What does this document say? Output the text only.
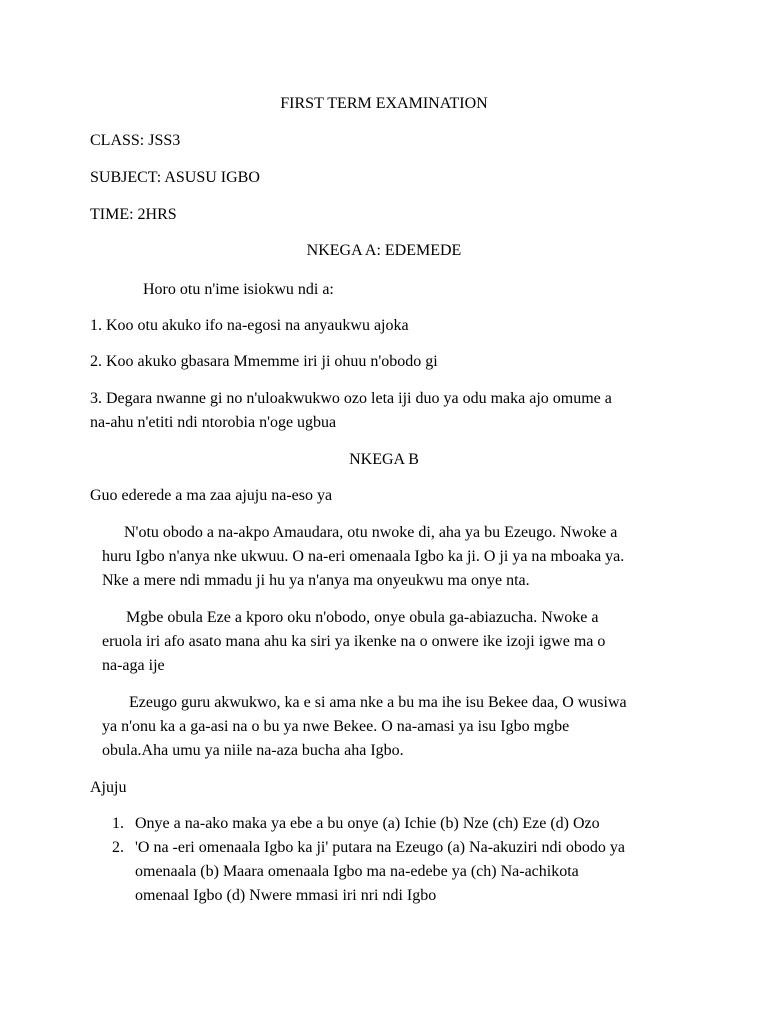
FIRST TERM EXAMINATION
CLASS: JSS3
SUBJECT: ASUSU IGBO
TIME: 2HRS
NKEGA A: EDEMEDE
Horo otu n'ime isiokwu ndi a:
1. Koo otu akuko ifo na-egosi na anyaukwu ajoka
2. Koo akuko gbasara Mmemme iri ji ohuu n'obodo gi
3. Degara nwanne gi no n'uloakwukwo ozo leta iji duo ya odu maka ajo omume a
na-ahu n'etiti ndi ntorobia n'oge ugbua
NKEGA B
Guo ederede a ma zaa ajuju na-eso ya
N'otu obodo a na-akpo Amaudara, otu nwoke di, aha ya bu Ezeugo. Nwoke a
huru Igbo n'anya nke ukwuu. O na-eri omenaala Igbo ka ji. O ji ya na mboaka ya.
Nke a mere ndi mmadu ji hu ya n'anya ma onyeukwu ma onye nta.
Mgbe obula Eze a kporo oku n'obodo, onye obula ga-abiazucha. Nwoke a
eruola iri afo asato mana ahu ka siri ya ikenke na o onwere ike izoji igwe ma o
na-aga ije
Ezeugo guru akwukwo, ka e si ama nke a bu ma ihe isu Bekee daa, O wusiwa
ya n'onu ka a ga-asi na o bu ya nwe Bekee. O na-amasi ya isu Igbo mgbe
obula.Aha umu ya niile na-aza bucha aha Igbo.
Ajuju
1. Onye a na-ako maka ya ebe a bu onye (a) Ichie (b) Nze (ch) Eze (d) Ozo
2. 'O na -eri omenaala Igbo ka ji' putara na Ezeugo (a) Na-akuziri ndi obodo ya
omenaala (b) Maara omenaala Igbo ma na-edebe ya (ch) Na-achikota
omenaal Igbo (d) Nwere mmasi iri nri ndi Igbo
